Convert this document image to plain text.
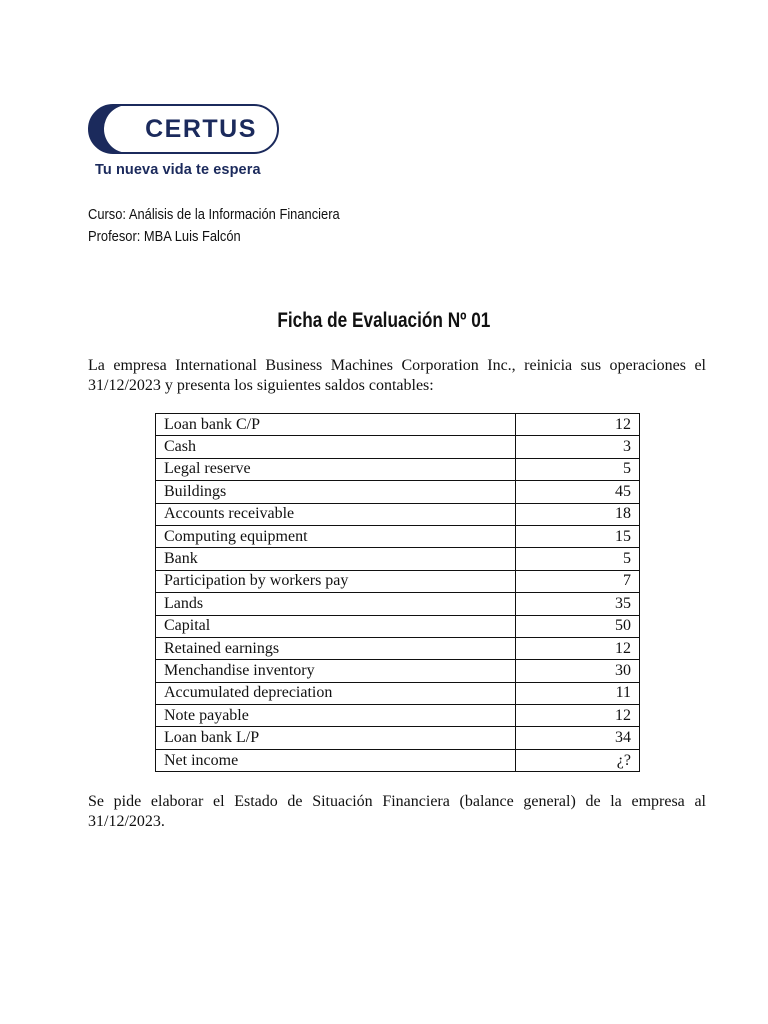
CERTUS
Tu nueva vida te espera
Curso: Análisis de la Información Financiera
Profesor: MBA Luis Falcón
Ficha de Evaluación Nº 01
La empresa International Business Machines Corporation Inc., reinicia sus operaciones el 31/12/2023 y presenta los siguientes saldos contables:
Loan bank C/P	12
Cash	3
Legal reserve	5
Buildings	45
Accounts receivable	18
Computing equipment	15
Bank	5
Participation by workers pay	7
Lands	35
Capital	50
Retained earnings	12
Menchandise inventory	30
Accumulated depreciation	11
Note payable	12
Loan bank L/P	34
Net income	¿?
Se pide elaborar el Estado de Situación Financiera (balance general) de la empresa al 31/12/2023.
